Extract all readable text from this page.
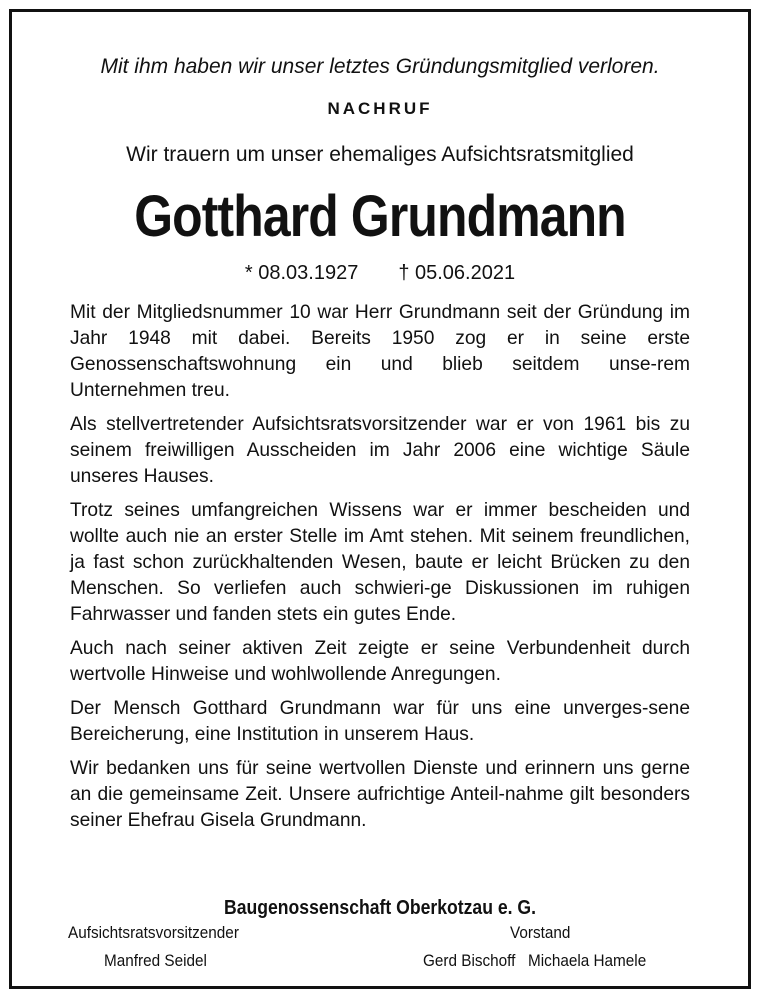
Mit ihm haben wir unser letztes Gründungsmitglied verloren.
NACHRUF
Wir trauern um unser ehemaliges Aufsichtsratsmitglied
Gotthard Grundmann
* 08.03.1927 † 05.06.2021

Mit der Mitgliedsnummer 10 war Herr Grundmann seit der Gründung im Jahr 1948 mit dabei. Bereits 1950 zog er in seine erste Genossenschaftswohnung ein und blieb seitdem unse-rem Unternehmen treu.

Als stellvertretender Aufsichtsratsvorsitzender war er von 1961 bis zu seinem freiwilligen Ausscheiden im Jahr 2006 eine wichtige Säule unseres Hauses.

Trotz seines umfangreichen Wissens war er immer bescheiden und wollte auch nie an erster Stelle im Amt stehen. Mit seinem freundlichen, ja fast schon zurückhaltenden Wesen, baute er leicht Brücken zu den Menschen. So verliefen auch schwieri-ge Diskussionen im ruhigen Fahrwasser und fanden stets ein gutes Ende.

Auch nach seiner aktiven Zeit zeigte er seine Verbundenheit durch wertvolle Hinweise und wohlwollende Anregungen.

Der Mensch Gotthard Grundmann war für uns eine unverges-sene Bereicherung, eine Institution in unserem Haus.

Wir bedanken uns für seine wertvollen Dienste und erinnern uns gerne an die gemeinsame Zeit. Unsere aufrichtige Anteil-nahme gilt besonders seiner Ehefrau Gisela Grundmann.

Baugenossenschaft Oberkotzau e. G.
Aufsichtsratsvorsitzender
Manfred Seidel
Vorstand
Gerd Bischoff Michaela Hamele
